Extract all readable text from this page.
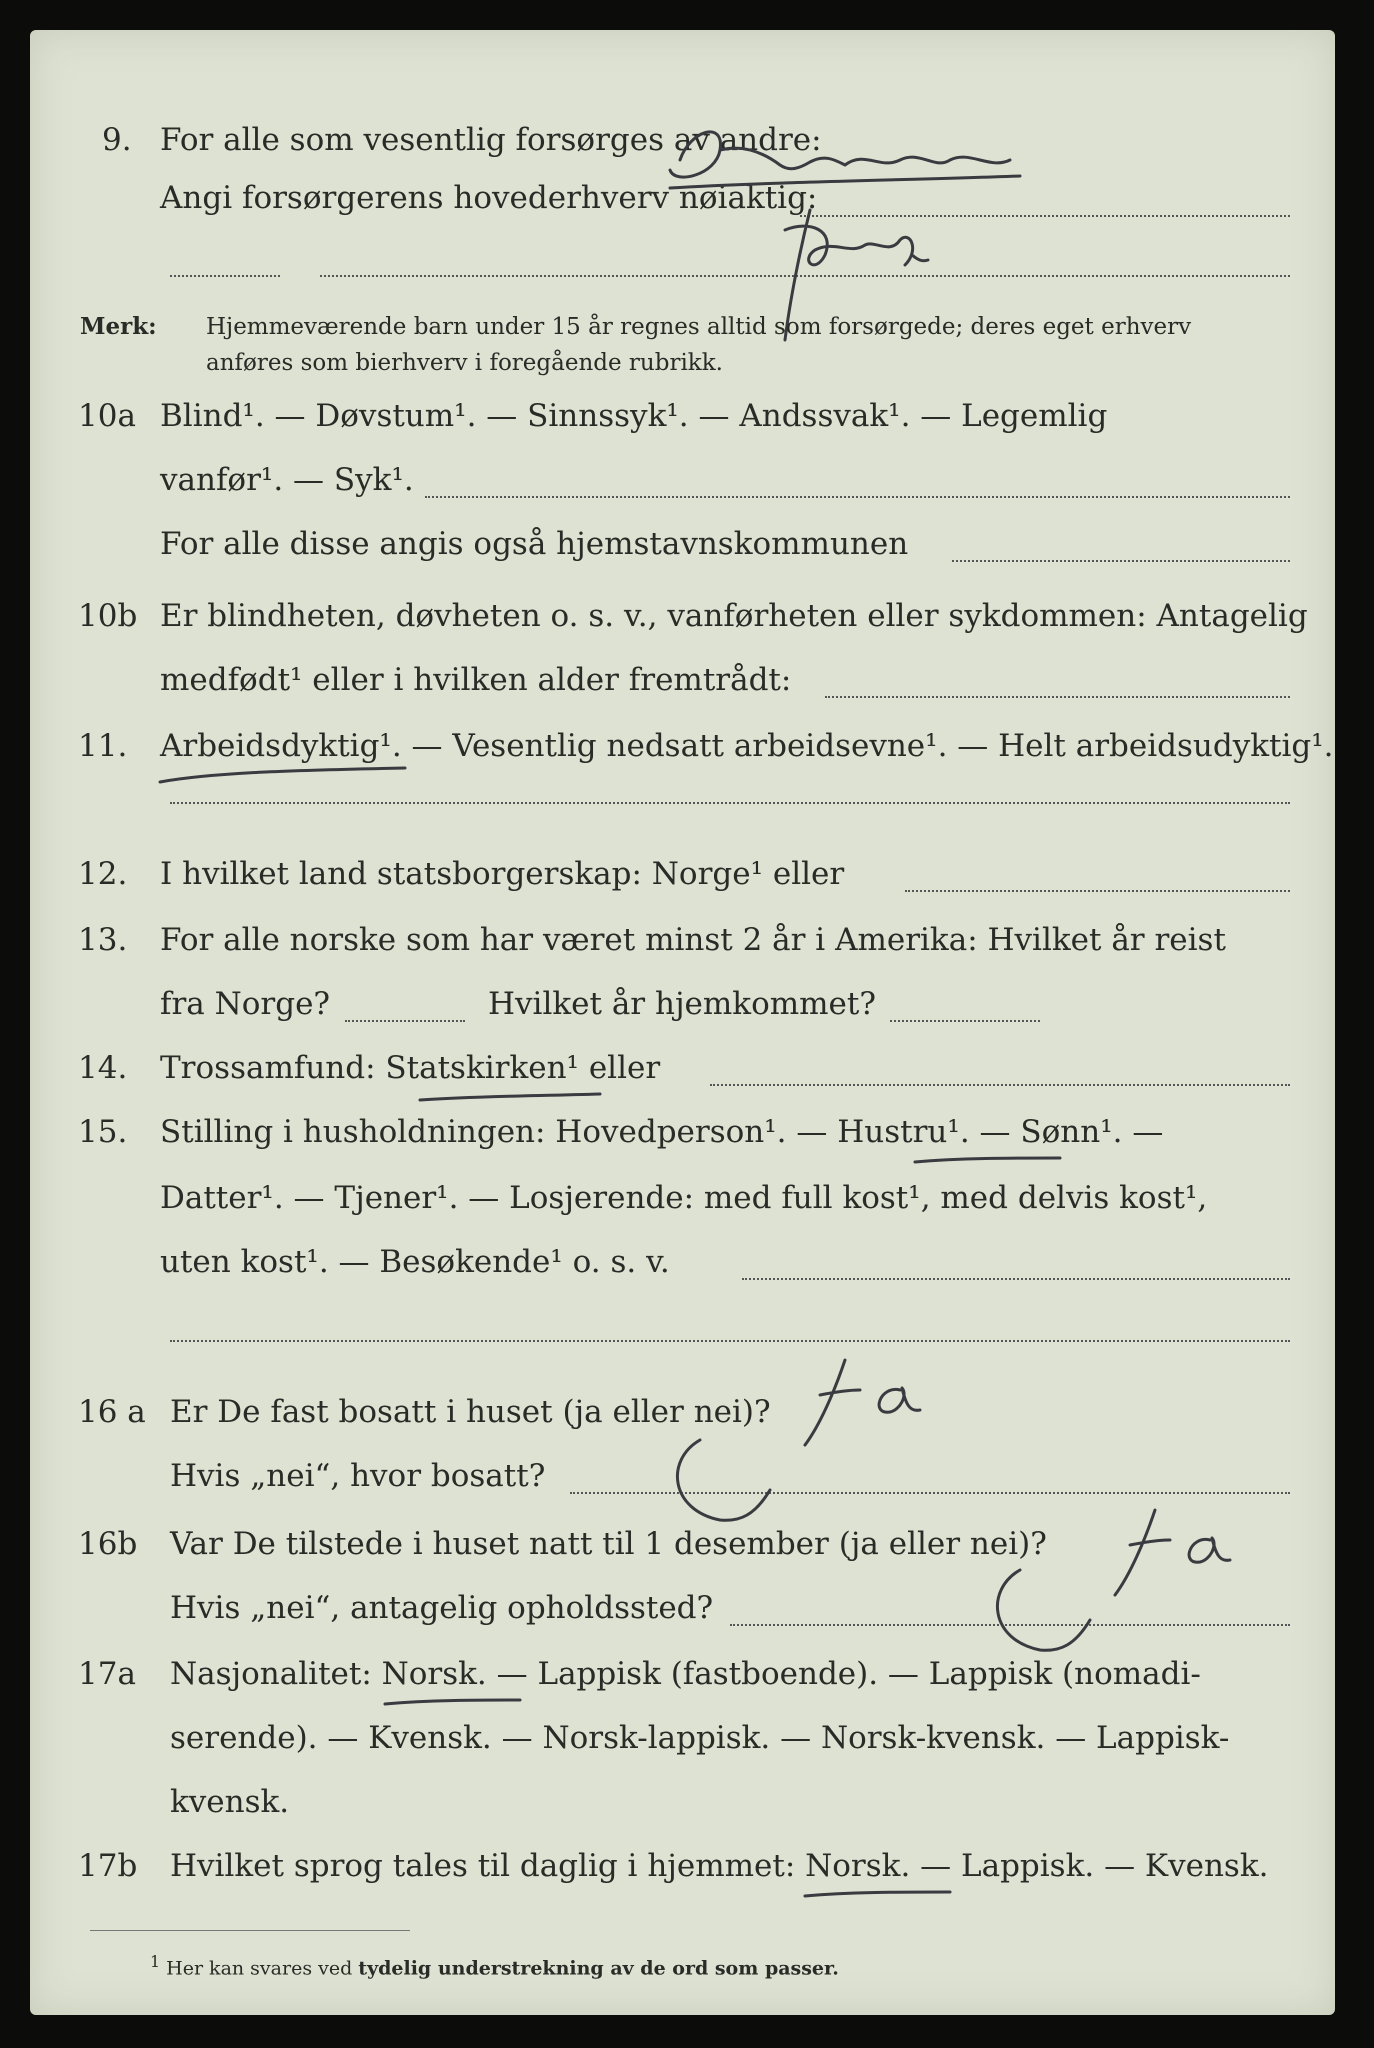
9. For alle som vesentlig forsørges av andre:
Angi forsørgerens hovederhverv nøiaktig:
Merk: Hjemmeværende barn under 15 år regnes alltid som forsørgede; deres eget erhverv
anføres som bierhverv i foregående rubrikk.
10a Blind¹. — Døvstum¹. — Sinnssyk¹. — Andssvak¹. — Legemlig
vanfør¹. — Syk¹.
For alle disse angis også hjemstavnskommunen
10b Er blindheten, døvheten o. s. v., vanførheten eller sykdommen: Antagelig
medfødt¹ eller i hvilken alder fremtrådt:
11. Arbeidsdyktig¹. — Vesentlig nedsatt arbeidsevne¹. — Helt arbeidsudyktig¹.
12. I hvilket land statsborgerskap: Norge¹ eller
13. For alle norske som har været minst 2 år i Amerika: Hvilket år reist
fra Norge?	Hvilket år hjemkommet?
14. Trossamfund: Statskirken¹ eller
15. Stilling i husholdningen: Hovedperson¹. — Hustru¹. — Sønn¹. —
Datter¹. — Tjener¹. — Losjerende: med full kost¹, med delvis kost¹,
uten kost¹. — Besøkende¹ o. s. v.
16 a Er De fast bosatt i huset (ja eller nei)?
Hvis „nei“, hvor bosatt?
16b Var De tilstede i huset natt til 1 desember (ja eller nei)?
Hvis „nei“, antagelig opholdssted?
17a Nasjonalitet: Norsk. — Lappisk (fastboende). — Lappisk (nomadi-
serende). — Kvensk. — Norsk-lappisk. — Norsk-kvensk. — Lappisk-
kvensk.
17b Hvilket sprog tales til daglig i hjemmet: Norsk. — Lappisk. — Kvensk.
$^1$ Her kan svares ved tydelig understrekning av de ord som passer.
